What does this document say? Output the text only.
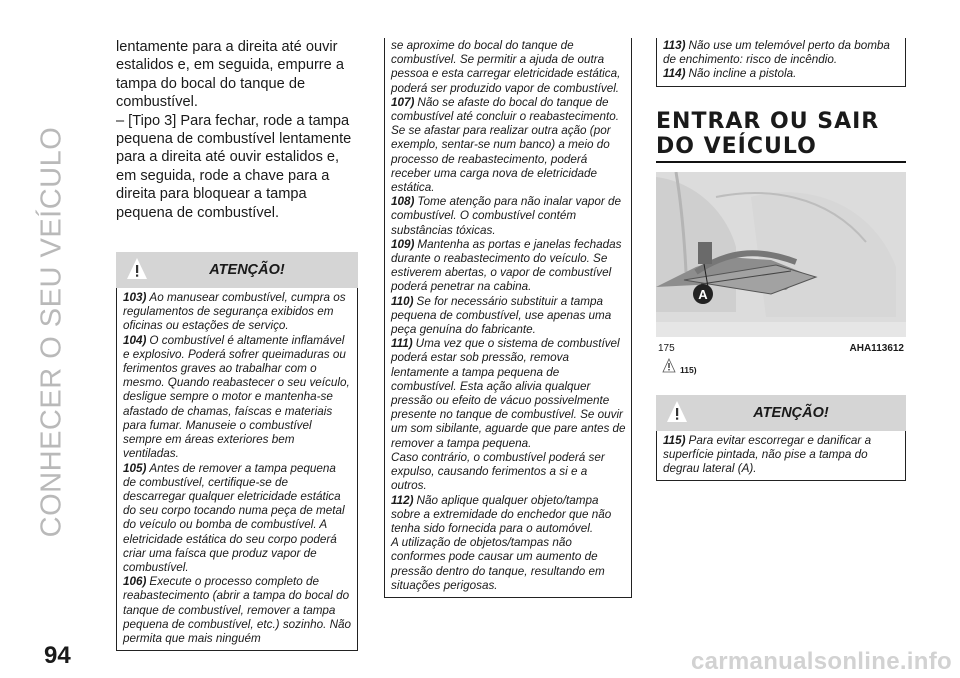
CONHECER O SEU VEÍCULO

lentamente para a direita até ouvir estalidos e, em seguida, empurre a tampa do bocal do tanque de combustível.

– [Tipo 3] Para fechar, rode a tampa pequena de combustível lentamente para a direita até ouvir estalidos e, em seguida, rode a chave para a direita para bloquear a tampa pequena de combustível.

ATENÇÃO!

103) Ao manusear combustível, cumpra os regulamentos de segurança exibidos em oficinas ou estações de serviço.

104) O combustível é altamente inflamável e explosivo. Poderá sofrer queimaduras ou ferimentos graves ao trabalhar com o mesmo. Quando reabastecer o seu veículo, desligue sempre o motor e mantenha-se afastado de chamas, faíscas e materiais para fumar. Manuseie o combustível sempre em áreas exteriores bem ventiladas.

105) Antes de remover a tampa pequena de combustível, certifique-se de descarregar qualquer eletricidade estática do seu corpo tocando numa peça de metal do veículo ou bomba de combustível. A eletricidade estática do seu corpo poderá criar uma faísca que produz vapor de combustível.

106) Execute o processo completo de reabastecimento (abrir a tampa do bocal do tanque de combustível, remover a tampa pequena de combustível, etc.) sozinho. Não permita que mais ninguém

se aproxime do bocal do tanque de combustível. Se permitir a ajuda de outra pessoa e esta carregar eletricidade estática, poderá ser produzido vapor de combustível.

107) Não se afaste do bocal do tanque de combustível até concluir o reabastecimento. Se se afastar para realizar outra ação (por exemplo, sentar-se num banco) a meio do processo de reabastecimento, poderá receber uma carga nova de eletricidade estática.

108) Tome atenção para não inalar vapor de combustível. O combustível contém substâncias tóxicas.

109) Mantenha as portas e janelas fechadas durante o reabastecimento do veículo. Se estiverem abertas, o vapor de combustível poderá penetrar na cabina.

110) Se for necessário substituir a tampa pequena de combustível, use apenas uma peça genuína do fabricante.

111) Uma vez que o sistema de combustível poderá estar sob pressão, remova lentamente a tampa pequena de combustível. Esta ação alivia qualquer pressão ou efeito de vácuo possivelmente presente no tanque de combustível. Se ouvir um som sibilante, aguarde que pare antes de remover a tampa pequena.

Caso contrário, o combustível poderá ser expulso, causando ferimentos a si e a outros.

112) Não aplique qualquer objeto/tampa sobre a extremidade do enchedor que não tenha sido fornecida para o automóvel.

A utilização de objetos/tampas não conformes pode causar um aumento de pressão dentro do tanque, resultando em situações perigosas.

113) Não use um telemóvel perto da bomba de enchimento: risco de incêndio.

114) Não incline a pistola.

ENTRAR OU SAIR
DO VEÍCULO
A
175	AHA113612
115)
ATENÇÃO!

115) Para evitar escorregar e danificar a superfície pintada, não pise a tampa do degrau lateral (A).

94	carmanualsonline.info
